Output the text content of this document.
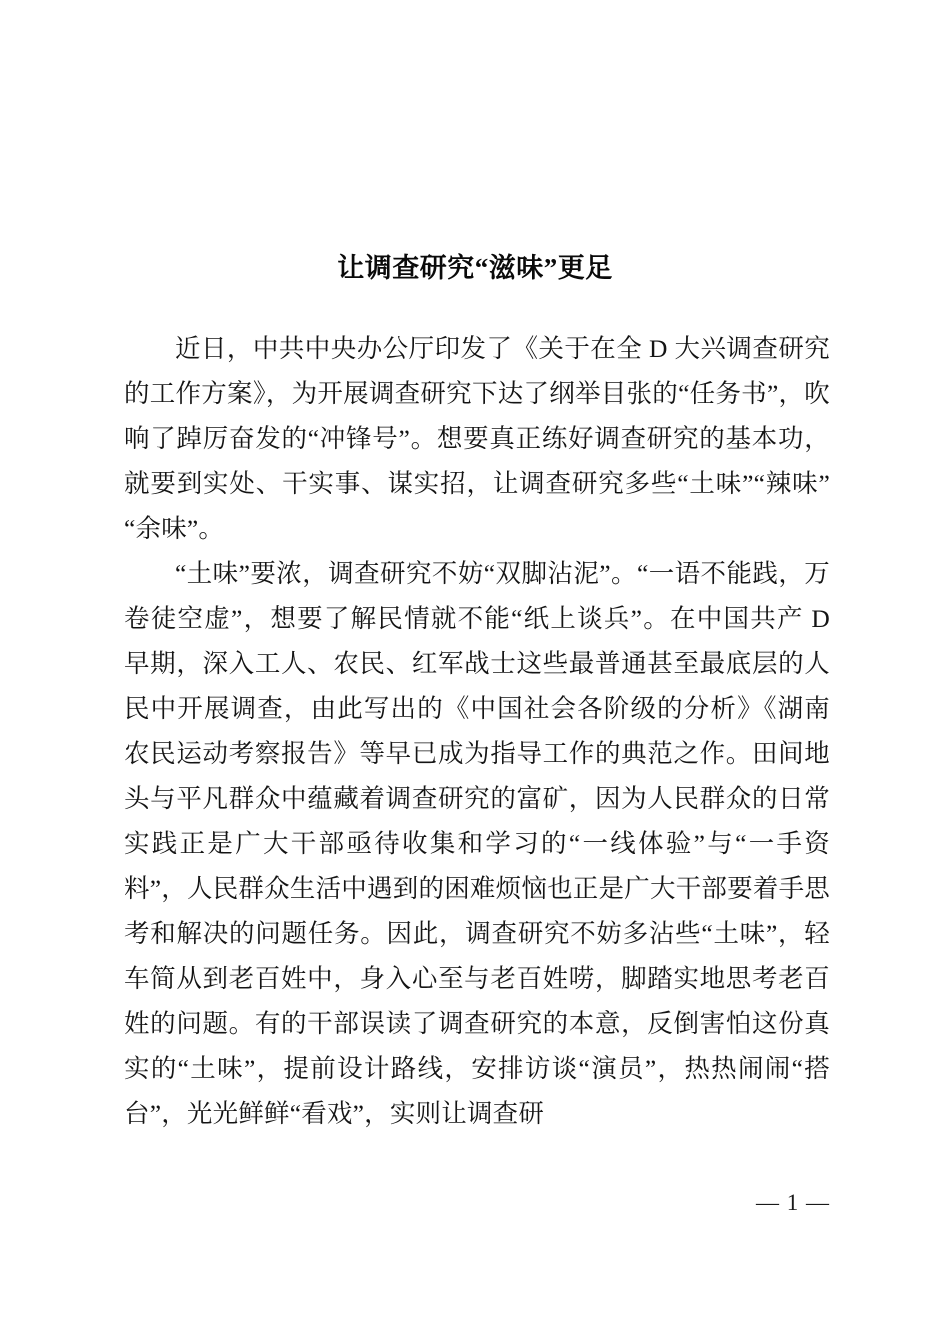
让调查研究“滋味”更足

近日，中共中央办公厅印发了《关于在全 D 大兴调查研究的工作方案》，为开展调查研究下达了纲举目张的“任务书”，吹响了踔厉奋发的“冲锋号”。想要真正练好调查研究的基本功，就要到实处、干实事、谋实招，让调查研究多些“土味”“辣味”“余味”。

“土味”要浓，调查研究不妨“双脚沾泥”。“一语不能践，万卷徒空虚”，想要了解民情就不能“纸上谈兵”。在中国共产 D 早期，深入工人、农民、红军战士这些最普通甚至最底层的人民中开展调查，由此写出的《中国社会各阶级的分析》《湖南农民运动考察报告》等早已成为指导工作的典范之作。田间地头与平凡群众中蕴藏着调查研究的富矿，因为人民群众的日常实践正是广大干部亟待收集和学习的“一线体验”与“一手资料”，人民群众生活中遇到的困难烦恼也正是广大干部要着手思考和解决的问题任务。因此，调查研究不妨多沾些“土味”，轻车简从到老百姓中，身入心至与老百姓唠，脚踏实地思考老百姓的问题。有的干部误读了调查研究的本意，反倒害怕这份真实的“土味”，提前设计路线，安排访谈“演员”，热热闹闹“搭台”，光光鲜鲜“看戏”，实则让调查研

— 1 —
